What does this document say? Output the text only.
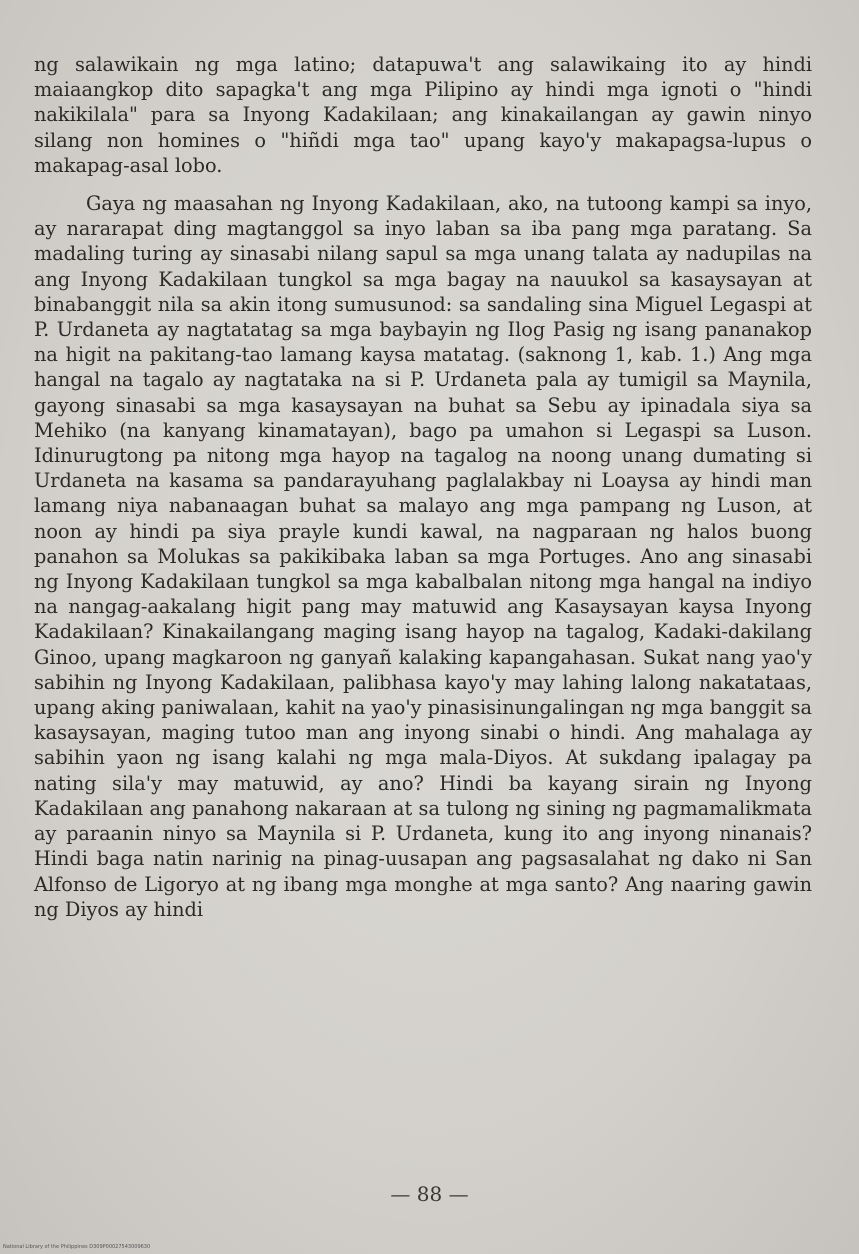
ng salawikain ng mga latino; datapuwa't ang salawikaing ito ay hindi maiaangkop dito sapagka't ang mga Pilipino ay hindi mga ignoti o "hindi nakikilala" para sa Inyong Kadakilaan; ang kinakailangan ay gawin ninyo silang non homines o "hiñdi mga tao" upang kayo'y makapagsa-lupus o makapag-asal lobo.

Gaya ng maasahan ng Inyong Kadakilaan, ako, na tutoong kampi sa inyo, ay nararapat ding magtanggol sa inyo laban sa iba pang mga paratang. Sa madaling turing ay sinasabi nilang sapul sa mga unang talata ay nadupilas na ang Inyong Kadakilaan tungkol sa mga bagay na nauukol sa kasaysayan at binabanggit nila sa akin itong sumusunod: sa sandaling sina Miguel Legaspi at P. Urdaneta ay nagtatatag sa mga baybayin ng Ilog Pasig ng isang pananakop na higit na pakitang-tao lamang kaysa matatag. (saknong 1, kab. 1.) Ang mga hangal na tagalo ay nagtataka na si P. Urdaneta pala ay tumigil sa Maynila, gayong sinasabi sa mga kasaysayan na buhat sa Sebu ay ipinadala siya sa Mehiko (na kanyang kinamatayan), bago pa umahon si Legaspi sa Luson. Idinurugtong pa nitong mga hayop na tagalog na noong unang dumating si Urdaneta na kasama sa pandarayuhang paglalakbay ni Loaysa ay hindi man lamang niya nabanaagan buhat sa malayo ang mga pampang ng Luson, at noon ay hindi pa siya prayle kundi kawal, na nagparaan ng halos buong panahon sa Molukas sa pakikibaka laban sa mga Portuges. Ano ang sinasabi ng Inyong Kadakilaan tungkol sa mga kabalbalan nitong mga hangal na indiyo na nangag-aakalang higit pang may matuwid ang Kasaysayan kaysa Inyong Kadakilaan? Kinakailangang maging isang hayop na tagalog, Kadaki-dakilang Ginoo, upang magkaroon ng ganyañ kalaking kapangahasan. Sukat nang yao'y sabihin ng Inyong Kadakilaan, palibhasa kayo'y may lahing lalong nakatataas, upang aking paniwalaan, kahit na yao'y pinasisinungalingan ng mga banggit sa kasaysayan, maging tutoo man ang inyong sinabi o hindi. Ang mahalaga ay sabihin yaon ng isang kalahi ng mga mala-Diyos. At sukdang ipalagay pa nating sila'y may matuwid, ay ano? Hindi ba kayang sirain ng Inyong Kadakilaan ang panahong nakaraan at sa tulong ng sining ng pagmamalikmata ay paraanin ninyo sa Maynila si P. Urdaneta, kung ito ang inyong ninanais? Hindi baga natin narinig na pinag-uusapan ang pagsasalahat ng dako ni San Alfonso de Ligoryo at ng ibang mga monghe at mga santo? Ang naaring gawin ng Diyos ay hindi

— 88 —
National Library of the Philippines D309P00027543009630
